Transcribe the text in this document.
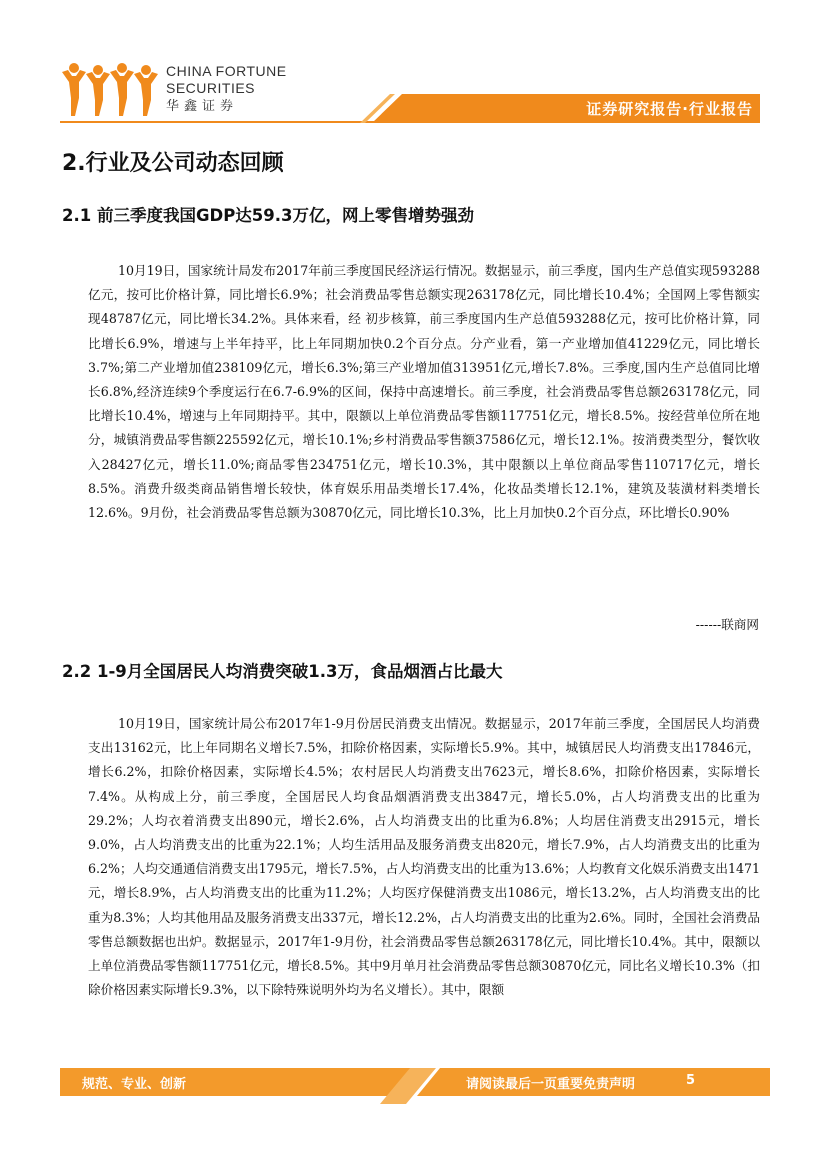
CHINA FORTUNE
SECURITIES
华鑫证券	证券研究报告·行业报告
2.行业及公司动态回顾
2.1 前三季度我国GDP达59.3万亿，网上零售增势强劲

10月19日，国家统计局发布2017年前三季度国民经济运行情况。数据显示，前三季度，国内生产总值实现593288亿元，按可比价格计算，同比增长6.9%；社会消费品零售总额实现263178亿元，同比增长10.4%；全国网上零售额实现48787亿元，同比增长34.2%。具体来看，经 初步核算，前三季度国内生产总值593288亿元，按可比价格计算，同比增长6.9%，增速与上半年持平，比上年同期加快0.2个百分点。分产业看，第一产业增加值41229亿元，同比增长3.7%;第二产业增加值238109亿元，增长6.3%;第三产业增加值313951亿元,增长7.8%。三季度,国内生产总值同比增长6.8%,经济连续9个季度运行在6.7-6.9%的区间，保持中高速增长。前三季度，社会消费品零售总额263178亿元，同比增长10.4%，增速与上年同期持平。其中，限额以上单位消费品零售额117751亿元，增长8.5%。按经营单位所在地分，城镇消费品零售额225592亿元，增长10.1%;乡村消费品零售额37586亿元，增长12.1%。按消费类型分，餐饮收入28427亿元，增长11.0%;商品零售234751亿元，增长10.3%，其中限额以上单位商品零售110717亿元，增长8.5%。消费升级类商品销售增长较快，体育娱乐用品类增长17.4%，化妆品类增长12.1%，建筑及装潢材料类增长12.6%。9月份，社会消费品零售总额为30870亿元，同比增长10.3%，比上月加快0.2个百分点，环比增长0.90%

------联商网
2.2 1-9月全国居民人均消费突破1.3万，食品烟酒占比最大

10月19日，国家统计局公布2017年1-9月份居民消费支出情况。数据显示，2017年前三季度，全国居民人均消费支出13162元，比上年同期名义增长7.5%，扣除价格因素，实际增长5.9%。其中，城镇居民人均消费支出17846元，增长6.2%，扣除价格因素，实际增长4.5%；农村居民人均消费支出7623元，增长8.6%，扣除价格因素，实际增长7.4%。从构成上分，前三季度，全国居民人均食品烟酒消费支出3847元，增长5.0%，占人均消费支出的比重为29.2%；人均衣着消费支出890元，增长2.6%，占人均消费支出的比重为6.8%；人均居住消费支出2915元，增长9.0%，占人均消费支出的比重为22.1%；人均生活用品及服务消费支出820元，增长7.9%，占人均消费支出的比重为6.2%；人均交通通信消费支出1795元，增长7.5%，占人均消费支出的比重为13.6%；人均教育文化娱乐消费支出1471元，增长8.9%，占人均消费支出的比重为11.2%；人均医疗保健消费支出1086元，增长13.2%，占人均消费支出的比重为8.3%；人均其他用品及服务消费支出337元，增长12.2%，占人均消费支出的比重为2.6%。同时，全国社会消费品零售总额数据也出炉。数据显示，2017年1-9月份，社会消费品零售总额263178亿元，同比增长10.4%。其中，限额以上单位消费品零售额117751亿元，增长8.5%。其中9月单月社会消费品零售总额30870亿元，同比名义增长10.3%（扣除价格因素实际增长9.3%，以下除特殊说明外均为名义增长）。其中，限额

规范、专业、创新	请阅读最后一页重要免责声明	5
